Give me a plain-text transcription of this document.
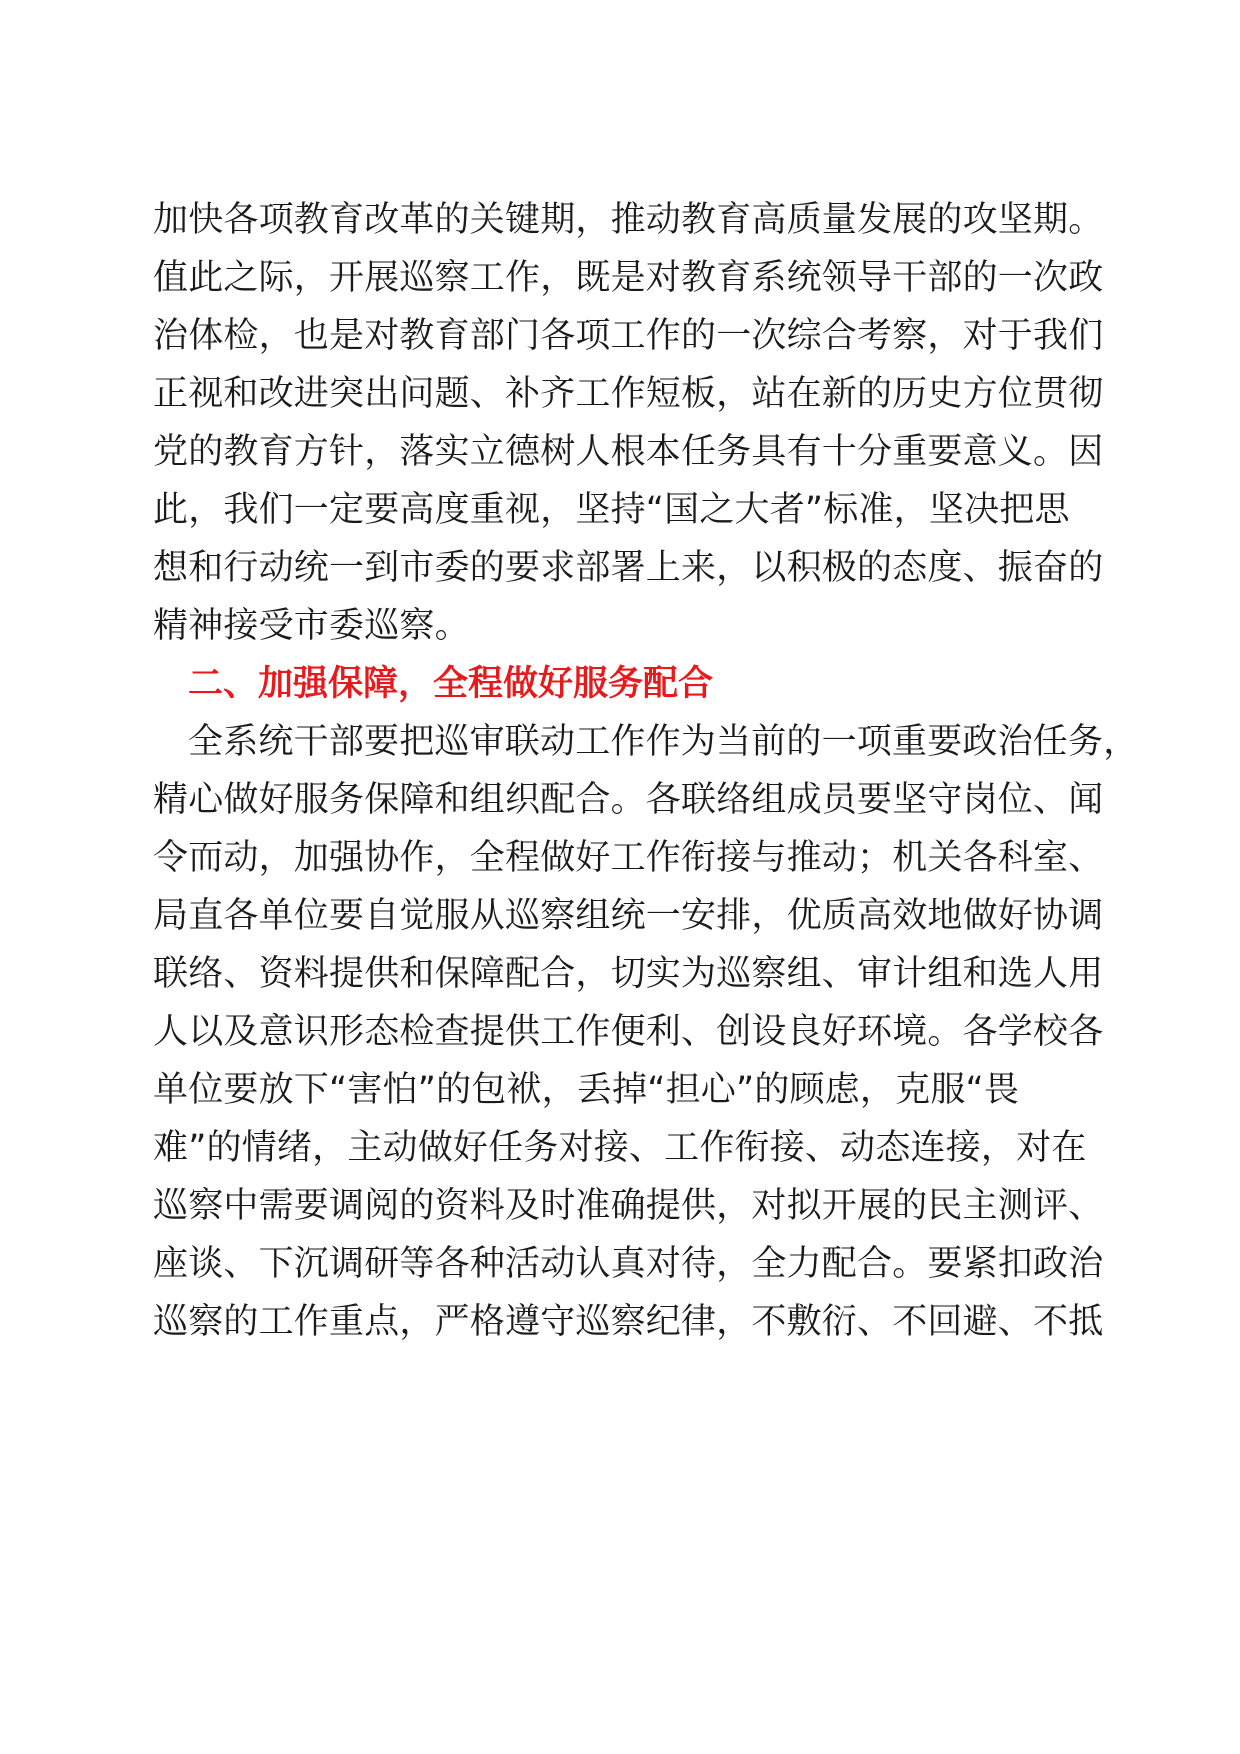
加快各项教育改革的关键期，推动教育高质量发展的攻坚期。
值此之际，开展巡察工作，既是对教育系统领导干部的一次政
治体检，也是对教育部门各项工作的一次综合考察，对于我们
正视和改进突出问题、补齐工作短板，站在新的历史方位贯彻
党的教育方针，落实立德树人根本任务具有十分重要意义。因
此，我们一定要高度重视，坚持“国之大者”标准，坚决把思
想和行动统一到市委的要求部署上来，以积极的态度、振奋的
精神接受市委巡察。
二、加强保障，全程做好服务配合
全系统干部要把巡审联动工作作为当前的一项重要政治任务，
精心做好服务保障和组织配合。各联络组成员要坚守岗位、闻
令而动，加强协作，全程做好工作衔接与推动；机关各科室、
局直各单位要自觉服从巡察组统一安排，优质高效地做好协调
联络、资料提供和保障配合，切实为巡察组、审计组和选人用
人以及意识形态检查提供工作便利、创设良好环境。各学校各
单位要放下“害怕”的包袱，丢掉“担心”的顾虑，克服“畏
难”的情绪，主动做好任务对接、工作衔接、动态连接，对在
巡察中需要调阅的资料及时准确提供，对拟开展的民主测评、
座谈、下沉调研等各种活动认真对待，全力配合。要紧扣政治
巡察的工作重点，严格遵守巡察纪律，不敷衍、不回避、不抵
